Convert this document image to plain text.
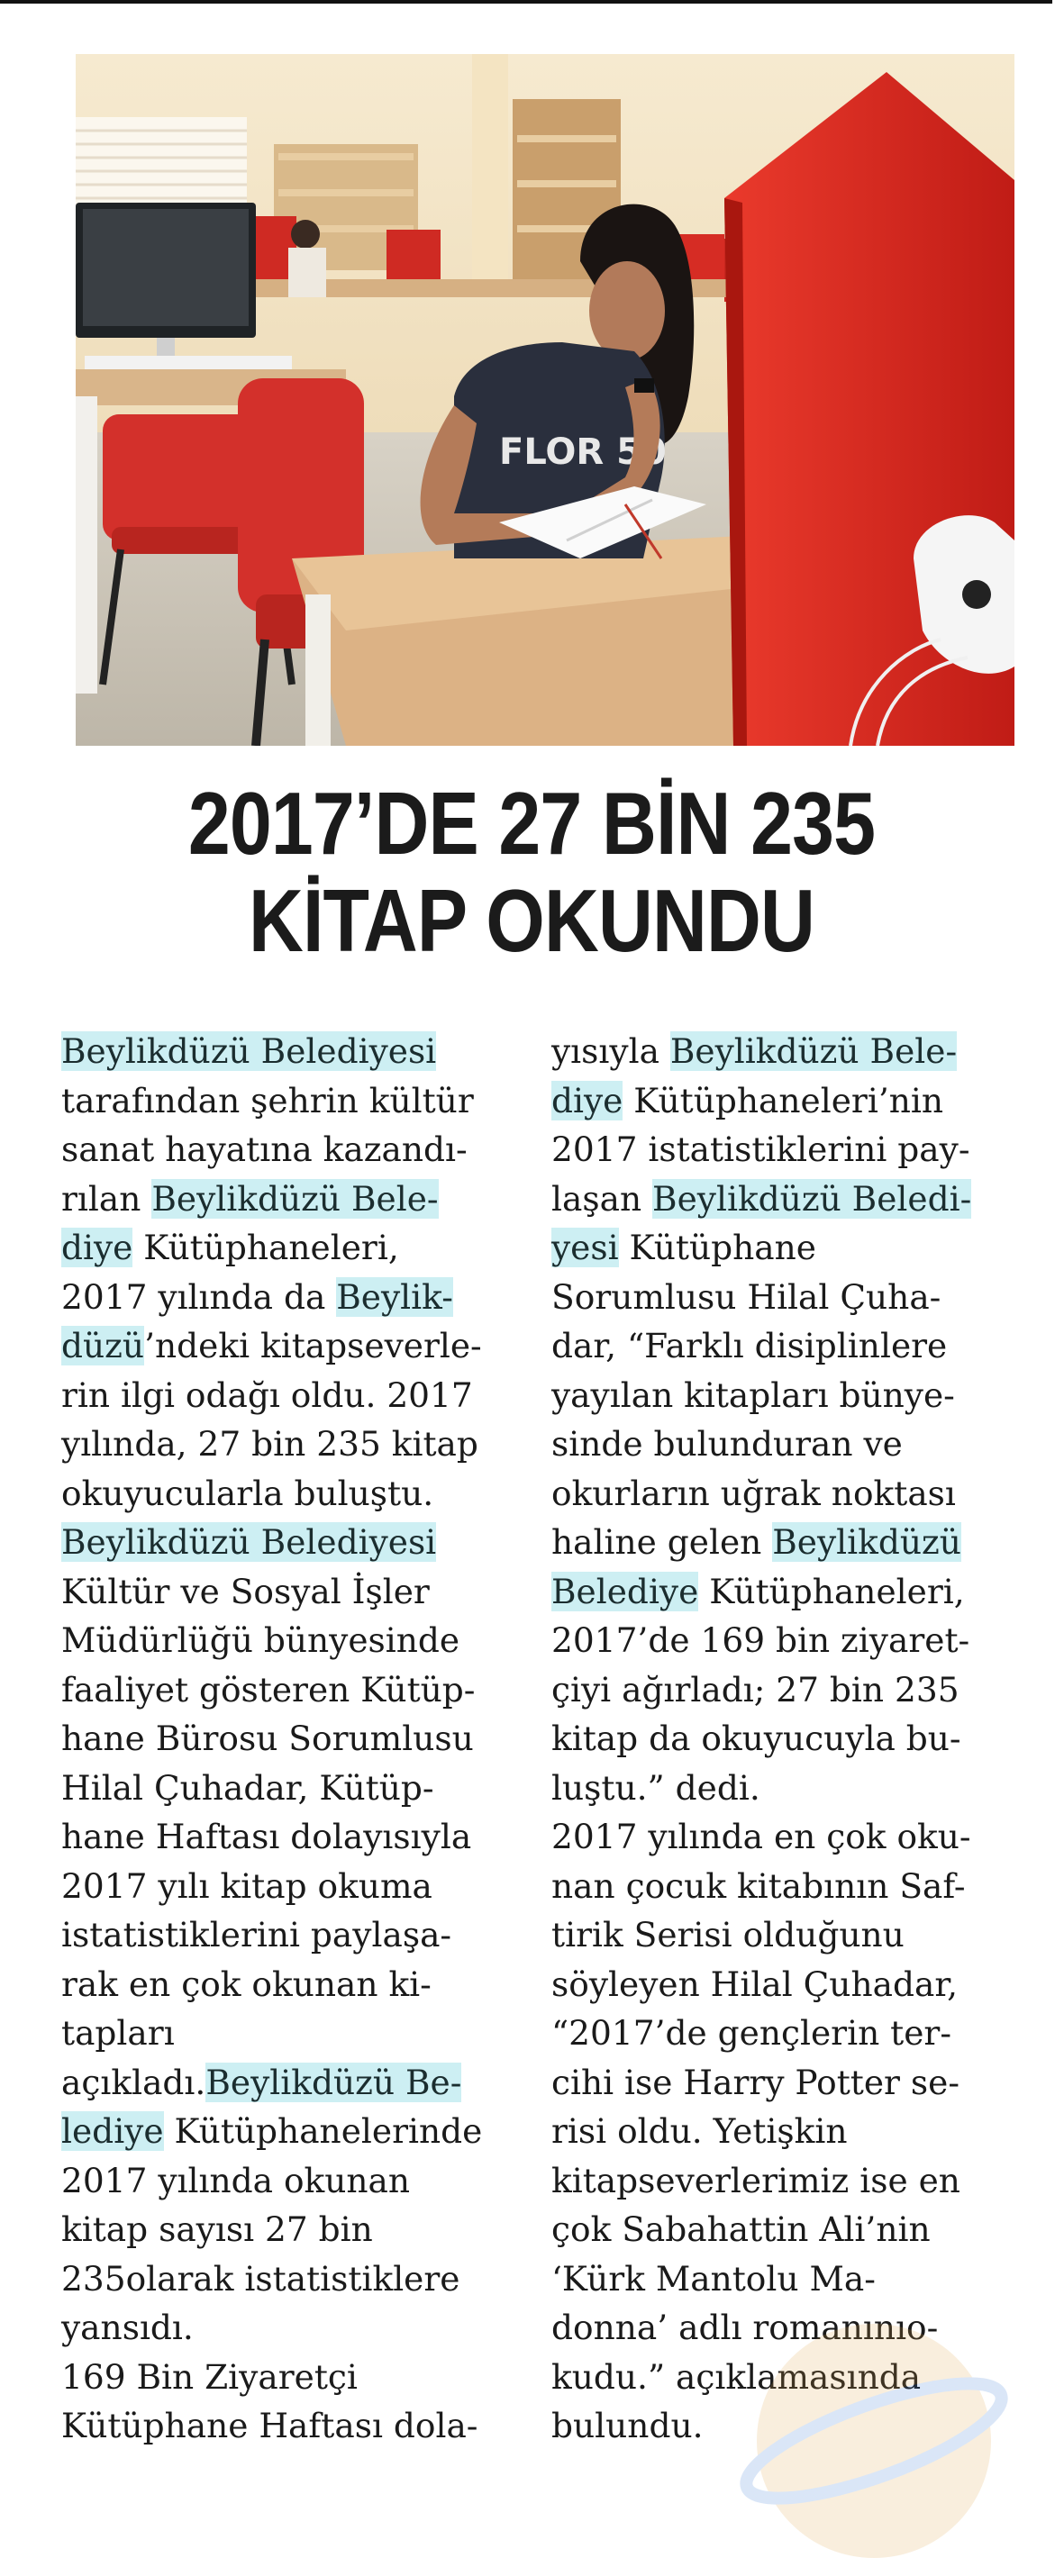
FLOR 50
2017’DE 27 BİN 235
KİTAP OKUNDU
Beylikdüzü Belediyesi
tarafından şehrin kültür
sanat hayatına kazandı-
rılan Beylikdüzü Bele-
diye Kütüphaneleri,
2017 yılında da Beylik-
düzü’ndeki kitapseverle-
rin ilgi odağı oldu. 2017
yılında, 27 bin 235 kitap
okuyucularla buluştu.
Beylikdüzü Belediyesi
Kültür ve Sosyal İşler
Müdürlüğü bünyesinde
faaliyet gösteren Kütüp-
hane Bürosu Sorumlusu
Hilal Çuhadar, Kütüp-
hane Haftası dolayısıyla
2017 yılı kitap okuma
istatistiklerini paylaşa-
rak en çok okunan ki-
tapları
açıkladı.Beylikdüzü Be-
lediye Kütüphanelerinde
2017 yılında okunan
kitap sayısı 27 bin
235olarak istatistiklere
yansıdı.
169 Bin Ziyaretçi
Kütüphane Haftası dola-
yısıyla Beylikdüzü Bele-
diye Kütüphaneleri’nin
2017 istatistiklerini pay-
laşan Beylikdüzü Beledi-
yesi Kütüphane
Sorumlusu Hilal Çuha-
dar, “Farklı disiplinlere
yayılan kitapları bünye-
sinde bulunduran ve
okurların uğrak noktası
haline gelen Beylikdüzü
Belediye Kütüphaneleri,
2017’de 169 bin ziyaret-
çiyi ağırladı; 27 bin 235
kitap da okuyucuyla bu-
luştu.” dedi.
2017 yılında en çok oku-
nan çocuk kitabının Saf-
tirik Serisi olduğunu
söyleyen Hilal Çuhadar,
“2017’de gençlerin ter-
cihi ise Harry Potter se-
risi oldu. Yetişkin
kitapseverlerimiz ise en
çok Sabahattin Ali’nin
‘Kürk Mantolu Ma-
donna’ adlı romanınıo-
kudu.” açıklamasında
bulundu.
